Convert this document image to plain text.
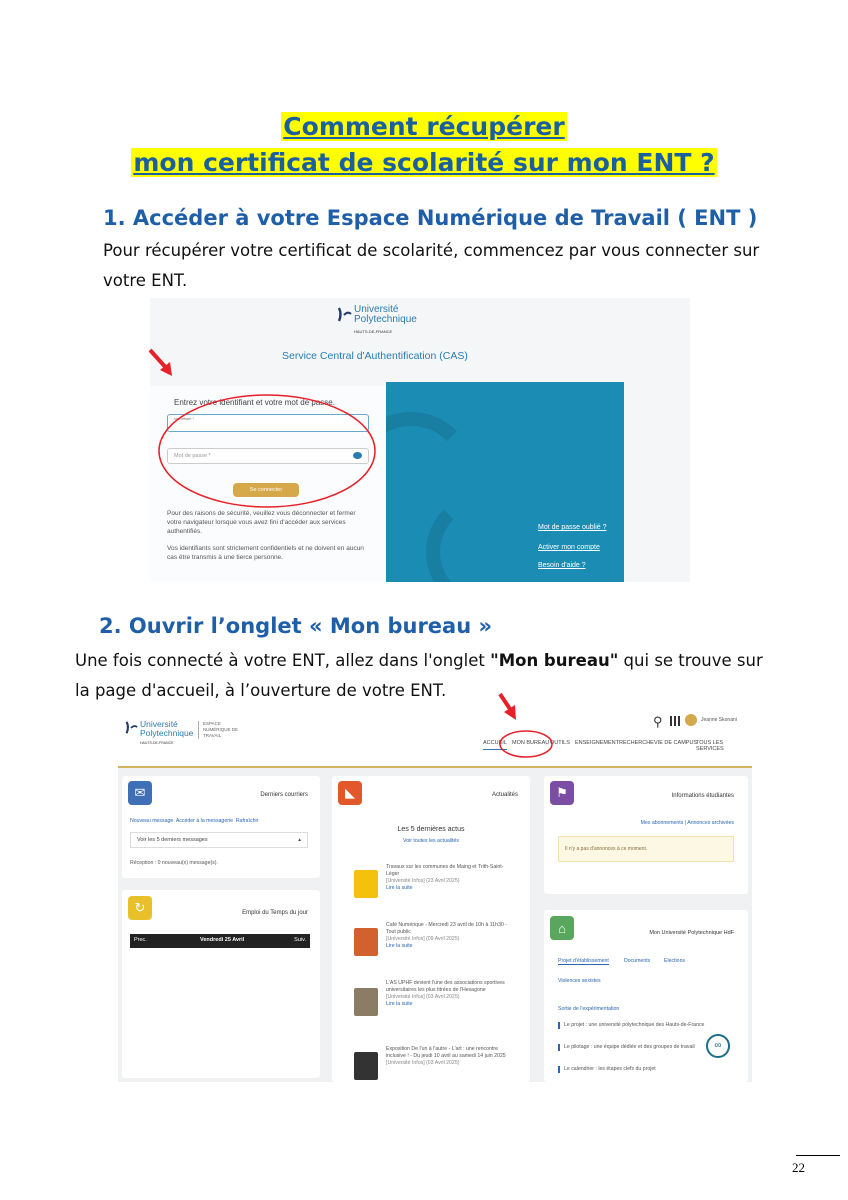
Comment récupérer
mon certificat de scolarité sur mon ENT ?
1. Accéder à votre Espace Numérique de Travail ( ENT )
Pour récupérer votre certificat de scolarité, commencez par vous connecter sur
votre ENT.
Université
Polytechnique
HAUTS-DE-FRANCE
Service Central d'Authentification (CAS)
Entrez votre identifiant et votre mot de passe.
Identifiant *
Mot de passe *
Se connecter
Pour des raisons de sécurité, veuillez vous déconnecter et fermer votre navigateur lorsque vous avez fini d'accéder aux services authentifiés.
Vos identifiants sont strictement confidentiels et ne doivent en aucun cas être transmis à une tierce personne.
Mot de passe oublié ?
Activer mon compte
Besoin d'aide ?
2. Ouvrir l’onglet « Mon bureau »
Une fois connecté à votre ENT, allez dans l'onglet "Mon bureau" qui se trouve sur
la page d'accueil, à l’ouverture de votre ENT.
Université
Polytechnique
HAUTS-DE-FRANCE
ESPACE
NUMÉRIQUE DE
TRAVAIL
⚲	Jeanne Skonani
ACCUEIL MON BUREAU OUTILS ENSEIGNEMENT RECHERCHE VIE DE CAMPUS
TOUS LES SERVICES
✉	Derniers courriers
Nouveau message Accéder à la messagerie Rafraîchir
Voir les 5 derniers messages	▴
Réception : 0 nouveau(x) message(s).
↻	Emploi du Temps du jour
Prec.	Vendredi 25 Avril	Suiv.
◣	Actualités
Les 5 dernières actus
Voir toutes les actualités
Travaux sur les communes de Maing et Trith-Saint-Léger
[Université Infos] (23 Avril 2025)
Lire la suite
Café Numérique - Mercredi 23 avril de 10h à 11h30 - Tout public
[Université Infos] (09 Avril 2025)
Lire la suite
L'AS UPHF devient l'une des associations sportives universitaires les plus titrées de l'Hexagone
[Université Infos] (03 Avril 2025)
Lire la suite
Exposition De l'un à l'autre - L'art : une rencontre inclusive ! - Du jeudi 10 avril au samedi 14 juin 2025
[Université Infos] (03 Avril 2025)
⚑	Informations étudiantes
Mes abonnements | Annonces archivées
Il n'y a pas d'annonces à ce moment.
⌂	Mon Université Polytechnique HdF
Projet d'établissement	Documents	Elections
Violences sexistes
Sortie de l'expérimentation
Le projet : une université polytechnique des Hauts-de-France
Le pilotage : une équipe dédiée et des groupes de travail
Le calendrier : les étapes clefs du projet
∞
22
